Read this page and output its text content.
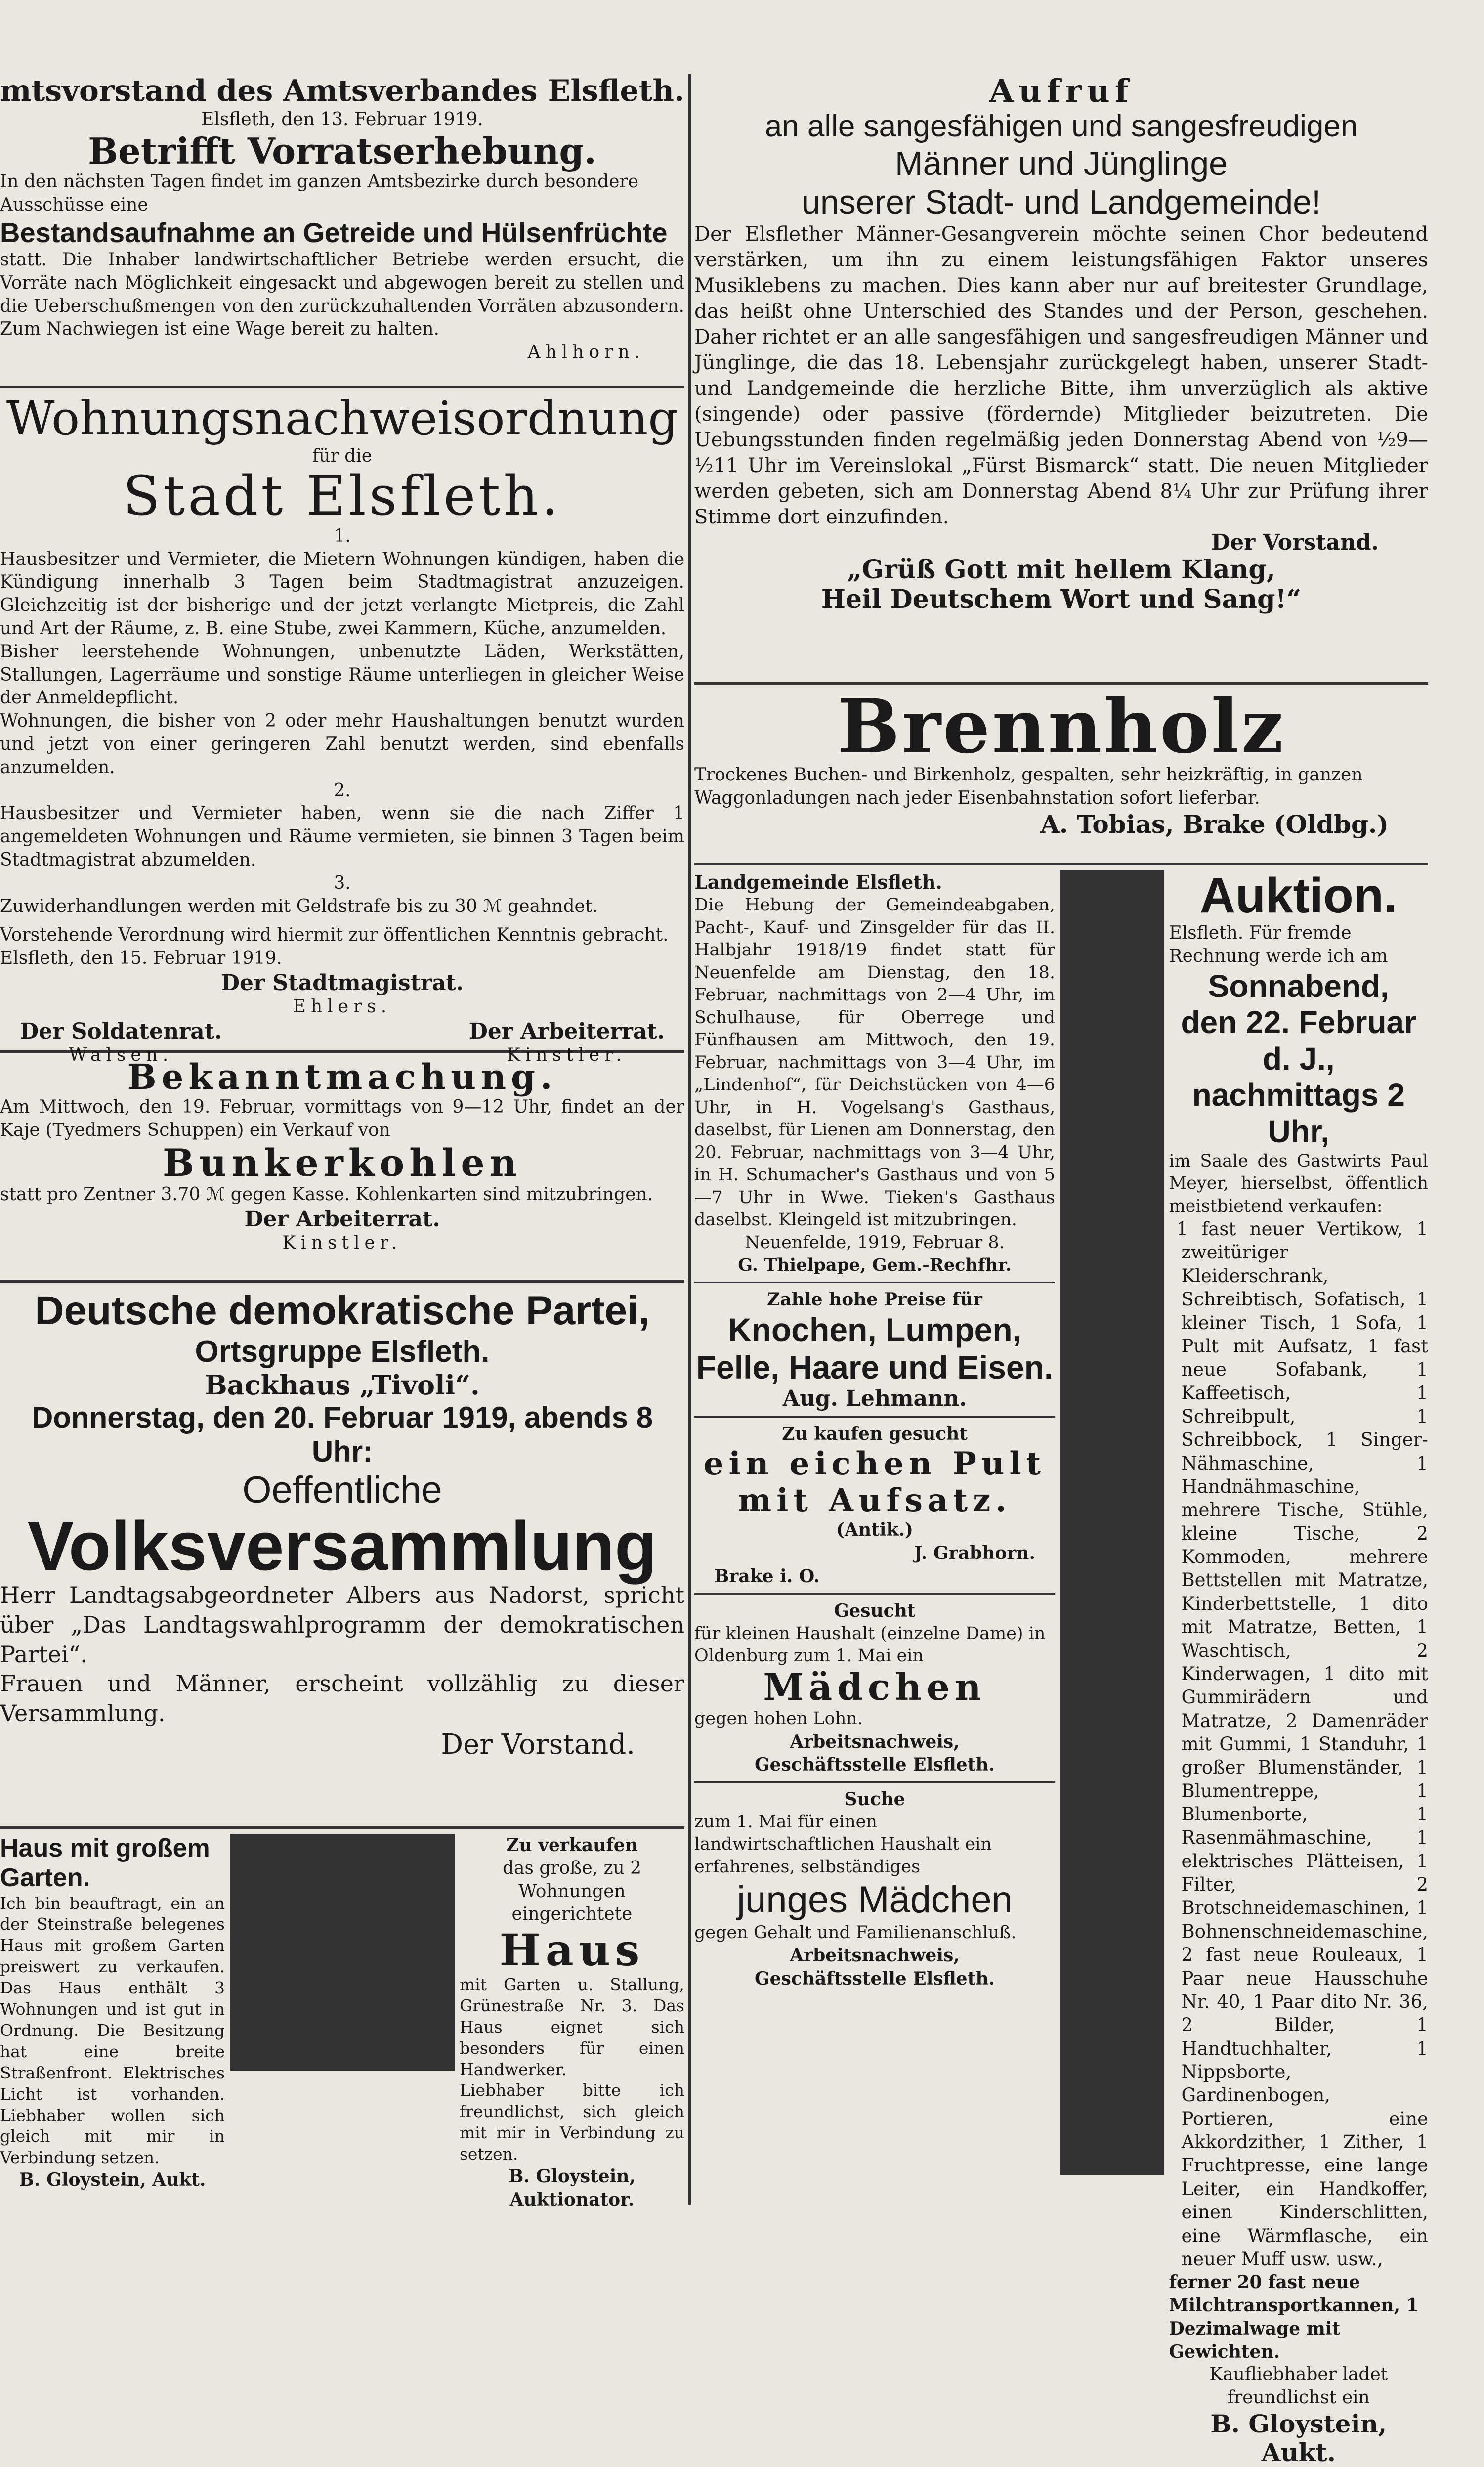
mtsvorstand des Amtsverbandes Elsfleth.

Elsfleth, den 13. Februar 1919.

Betrifft Vorratserhebung.

In den nächsten Tagen findet im ganzen Amtsbezirke durch besondere Ausschüsse eine

Bestandsaufnahme an Getreide und Hülsenfrüchte

statt. Die Inhaber landwirtschaftlicher Betriebe werden ersucht, die Vorräte nach Möglichkeit eingesackt und abgewogen bereit zu stellen und die Ueberschußmengen von den zurückzuhaltenden Vorräten abzusondern. Zum Nachwiegen ist eine Wage bereit zu halten.

Ahlhorn.

Wohnungsnachweisordnung

für die

Stadt Elsfleth.

1.

Hausbesitzer und Vermieter, die Mietern Wohnungen kündigen, haben die Kündigung innerhalb 3 Tagen beim Stadtmagistrat anzuzeigen. Gleichzeitig ist der bisherige und der jetzt verlangte Mietpreis, die Zahl und Art der Räume, z. B. eine Stube, zwei Kammern, Küche, anzumelden.

Bisher leerstehende Wohnungen, unbenutzte Läden, Werkstätten, Stallungen, Lagerräume und sonstige Räume unterliegen in gleicher Weise der Anmeldepflicht.

Wohnungen, die bisher von 2 oder mehr Haushaltungen benutzt wurden und jetzt von einer geringeren Zahl benutzt werden, sind ebenfalls anzumelden.

2.

Hausbesitzer und Vermieter haben, wenn sie die nach Ziffer 1 angemeldeten Wohnungen und Räume vermieten, sie binnen 3 Tagen beim Stadtmagistrat abzumelden.

3.

Zuwiderhandlungen werden mit Geldstrafe bis zu 30 ℳ geahndet.

Vorstehende Verordnung wird hiermit zur öffentlichen Kenntnis gebracht.

Elsfleth, den 15. Februar 1919.

Der Stadtmagistrat.

Ehlers.

Der Soldatenrat.

Walsen.

Der Arbeiterrat.

Kinstler.

Bekanntmachung.

Am Mittwoch, den 19. Februar, vormittags von 9—12 Uhr, findet an der Kaje (Tyedmers Schuppen) ein Verkauf von

Bunkerkohlen

statt pro Zentner 3.70 ℳ gegen Kasse. Kohlenkarten sind mitzubringen.

Der Arbeiterrat.

Kinstler.

Deutsche demokratische Partei,

Ortsgruppe Elsfleth.

Backhaus „Tivoli“.

Donnerstag, den 20. Februar 1919, abends 8 Uhr:

Oeffentliche

Volksversammlung

Herr Landtagsabgeordneter Albers aus Nadorst, spricht über „Das Landtagswahlprogramm der demokratischen Partei“.

Frauen und Männer, erscheint vollzählig zu dieser Versammlung.

Der Vorstand.

Haus mit großem Garten.

Ich bin beauftragt, ein an der Steinstraße belegenes Haus mit großem Garten preiswert zu verkaufen. Das Haus enthält 3 Wohnungen und ist gut in Ordnung. Die Besitzung hat eine breite Straßenfront. Elektrisches Licht ist vorhanden. Liebhaber wollen sich gleich mit mir in Verbindung setzen.

B. Gloystein, Aukt.

Zu verkaufen

das große, zu 2 Wohnungen eingerichtete

Haus

mit Garten u. Stallung, Grünestraße Nr. 3. Das Haus eignet sich besonders für einen Handwerker.

Liebhaber bitte ich freundlichst, sich gleich mit mir in Verbindung zu setzen.

B. Gloystein, Auktionator.

Aufruf

an alle sangesfähigen und sangesfreudigen

Männer und Jünglinge

unserer Stadt- und Landgemeinde!

Der Elsflether Männer-Gesangverein möchte seinen Chor bedeutend verstärken, um ihn zu einem leistungsfähigen Faktor unseres Musiklebens zu machen. Dies kann aber nur auf breitester Grundlage, das heißt ohne Unterschied des Standes und der Person, geschehen. Daher richtet er an alle sangesfähigen und sangesfreudigen Männer und Jünglinge, die das 18. Lebensjahr zurückgelegt haben, unserer Stadt- und Landgemeinde die herzliche Bitte, ihm unverzüglich als aktive (singende) oder passive (fördernde) Mitglieder beizutreten. Die Uebungsstunden finden regelmäßig jeden Donnerstag Abend von ½9—½11 Uhr im Vereinslokal „Fürst Bismarck“ statt. Die neuen Mitglieder werden gebeten, sich am Donnerstag Abend 8¼ Uhr zur Prüfung ihrer Stimme dort einzufinden.

Der Vorstand.

„Grüß Gott mit hellem Klang,

Heil Deutschem Wort und Sang!“

Brennholz

Trockenes Buchen- und Birkenholz, gespalten, sehr heizkräftig, in ganzen Waggonladungen nach jeder Eisenbahnstation sofort lieferbar.

A. Tobias, Brake (Oldbg.)

Landgemeinde Elsfleth.

Die Hebung der Gemeindeabgaben, Pacht-, Kauf- und Zinsgelder für das II. Halbjahr 1918/19 findet statt für Neuenfelde am Dienstag, den 18. Februar, nachmittags von 2—4 Uhr, im Schulhause, für Oberrege und Fünfhausen am Mittwoch, den 19. Februar, nachmittags von 3—4 Uhr, im „Lindenhof“, für Deichstücken von 4—6 Uhr, in H. Vogelsang's Gasthaus, daselbst, für Lienen am Donnerstag, den 20. Februar, nachmittags von 3—4 Uhr, in H. Schumacher's Gasthaus und von 5—7 Uhr in Wwe. Tieken's Gasthaus daselbst. Kleingeld ist mitzubringen.

Neuenfelde, 1919, Februar 8.

G. Thielpape, Gem.-Rechfhr.

Zahle hohe Preise für

Knochen, Lumpen, Felle, Haare und Eisen.

Aug. Lehmann.

Zu kaufen gesucht

ein eichen Pult mit Aufsatz.

(Antik.)

J. Grabhorn.

Brake i. O.

Gesucht

für kleinen Haushalt (einzelne Dame) in Oldenburg zum 1. Mai ein

Mädchen

gegen hohen Lohn.

Arbeitsnachweis,

Geschäftsstelle Elsfleth.

Suche

zum 1. Mai für einen landwirtschaftlichen Haushalt ein erfahrenes, selbständiges

junges Mädchen

gegen Gehalt und Familienanschluß.

Arbeitsnachweis,

Geschäftsstelle Elsfleth.

Auktion.

Elsfleth. Für fremde Rechnung werde ich am

Sonnabend,

den 22. Februar d. J.,

nachmittags 2 Uhr,

im Saale des Gastwirts Paul Meyer, hierselbst, öffentlich meistbietend verkaufen:

1 fast neuer Vertikow, 1 zweitüriger Kleiderschrank, Schreibtisch, Sofatisch, 1 kleiner Tisch, 1 Sofa, 1 Pult mit Aufsatz, 1 fast neue Sofabank, 1 Kaffeetisch, 1 Schreibpult, 1 Schreibbock, 1 Singer-Nähmaschine, 1 Handnähmaschine, mehrere Tische, Stühle, kleine Tische, 2 Kommoden, mehrere Bettstellen mit Matratze, Kinderbettstelle, 1 dito mit Matratze, Betten, 1 Waschtisch, 2 Kinderwagen, 1 dito mit Gummirädern und Matratze, 2 Damenräder mit Gummi, 1 Standuhr, 1 großer Blumenständer, 1 Blumentreppe, 1 Blumenborte, 1 Rasenmähmaschine, 1 elektrisches Plätteisen, 1 Filter, 2 Brotschneidemaschinen, 1 Bohnenschneidemaschine, 2 fast neue Rouleaux, 1 Paar neue Hausschuhe Nr. 40, 1 Paar dito Nr. 36, 2 Bilder, 1 Handtuchhalter, 1 Nippsborte, Gardinenbogen, Portieren, eine Akkordzither, 1 Zither, 1 Fruchtpresse, eine lange Leiter, ein Handkoffer, einen Kinderschlitten, eine Wärmflasche, ein neuer Muff usw. usw.,

ferner 20 fast neue Milchtransportkannen, 1 Dezimalwage mit Gewichten.

Kaufliebhaber ladet freundlichst ein

B. Gloystein, Aukt.
